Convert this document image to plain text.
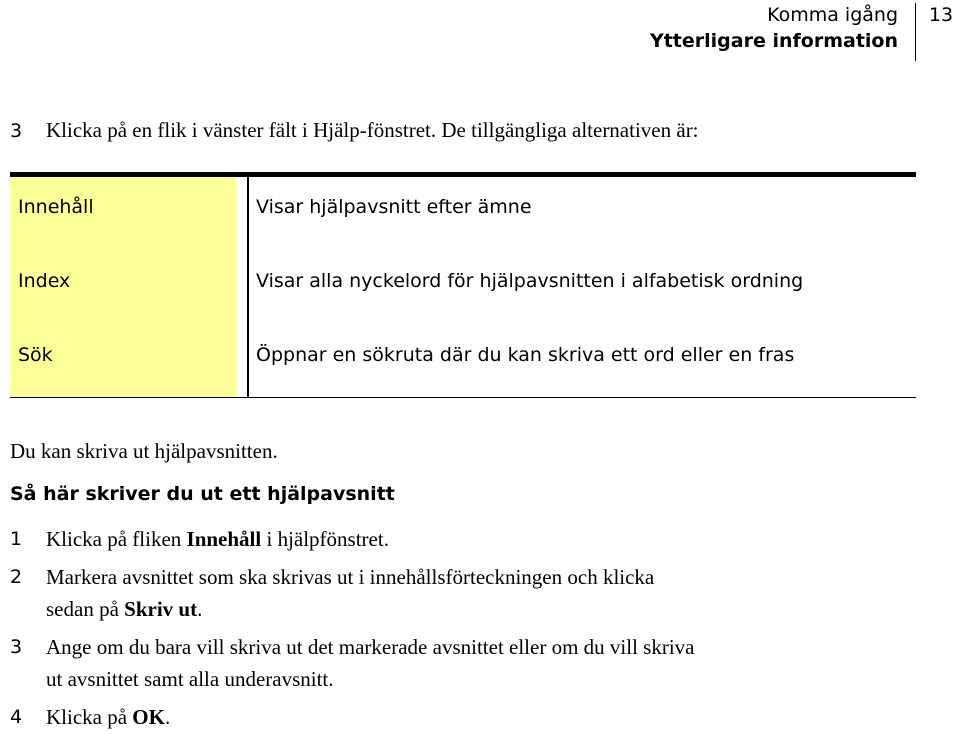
Komma igång
Ytterligare information
13
3 Klicka på en flik i vänster fält i Hjälp-fönstret. De tillgängliga alternativen är:
Innehåll	Visar hjälpavsnitt efter ämne
Index	Visar alla nyckelord för hjälpavsnitten i alfabetisk ordning
Sök	Öppnar en sökruta där du kan skriva ett ord eller en fras
Du kan skriva ut hjälpavsnitten.
Så här skriver du ut ett hjälpavsnitt
1	Klicka på fliken Innehåll i hjälpfönstret.
2	Markera avsnittet som ska skrivas ut i innehållsförteckningen och klicka
sedan på Skriv ut.
3	Ange om du bara vill skriva ut det markerade avsnittet eller om du vill skriva
ut avsnittet samt alla underavsnitt.
4	Klicka på OK.
